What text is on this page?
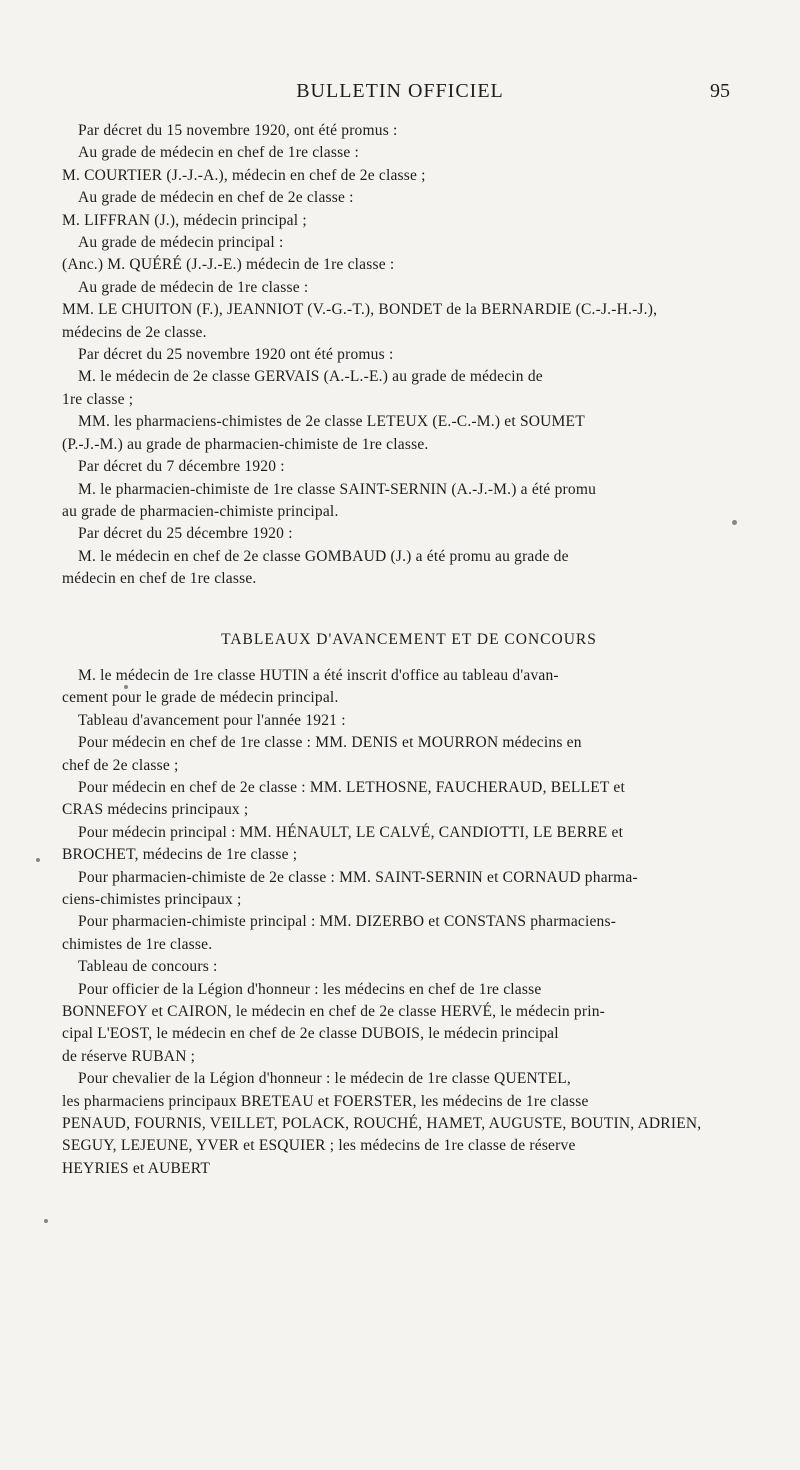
BULLETIN OFFICIEL	95
Par décret du 15 novembre 1920, ont été promus :
Au grade de médecin en chef de 1re classe :
M. COURTIER (J.-J.-A.), médecin en chef de 2e classe ;
Au grade de médecin en chef de 2e classe :
M. LIFFRAN (J.), médecin principal ;
Au grade de médecin principal :
(Anc.) M. QUÉRÉ (J.-J.-E.) médecin de 1re classe :
Au grade de médecin de 1re classe :
MM. LE CHUITON (F.), JEANNIOT (V.-G.-T.), BONDET de la BERNARDIE (C.-J.-H.-J.),
médecins de 2e classe.
Par décret du 25 novembre 1920 ont été promus :
M. le médecin de 2e classe GERVAIS (A.-L.-E.) au grade de médecin de
1re classe ;
MM. les pharmaciens-chimistes de 2e classe LETEUX (E.-C.-M.) et SOUMET
(P.-J.-M.) au grade de pharmacien-chimiste de 1re classe.
Par décret du 7 décembre 1920 :
M. le pharmacien-chimiste de 1re classe SAINT-SERNIN (A.-J.-M.) a été promu
au grade de pharmacien-chimiste principal.
Par décret du 25 décembre 1920 :
M. le médecin en chef de 2e classe GOMBAUD (J.) a été promu au grade de
médecin en chef de 1re classe.
TABLEAUX D'AVANCEMENT ET DE CONCOURS
M. le médecin de 1re classe HUTIN a été inscrit d'office au tableau d'avan-
cement pour le grade de médecin principal.
Tableau d'avancement pour l'année 1921 :
Pour médecin en chef de 1re classe : MM. DENIS et MOURRON médecins en
chef de 2e classe ;
Pour médecin en chef de 2e classe : MM. LETHOSNE, FAUCHERAUD, BELLET et
CRAS médecins principaux ;
Pour médecin principal : MM. HÉNAULT, LE CALVÉ, CANDIOTTI, LE BERRE et
BROCHET, médecins de 1re classe ;
Pour pharmacien-chimiste de 2e classe : MM. SAINT-SERNIN et CORNAUD pharma-
ciens-chimistes principaux ;
Pour pharmacien-chimiste principal : MM. DIZERBO et CONSTANS pharmaciens-
chimistes de 1re classe.
Tableau de concours :
Pour officier de la Légion d'honneur : les médecins en chef de 1re classe
BONNEFOY et CAIRON, le médecin en chef de 2e classe HERVÉ, le médecin prin-
cipal L'EOST, le médecin en chef de 2e classe DUBOIS, le médecin principal
de réserve RUBAN ;
Pour chevalier de la Légion d'honneur : le médecin de 1re classe QUENTEL,
les pharmaciens principaux BRETEAU et FOERSTER, les médecins de 1re classe
PENAUD, FOURNIS, VEILLET, POLACK, ROUCHÉ, HAMET, AUGUSTE, BOUTIN, ADRIEN,
SEGUY, LEJEUNE, YVER et ESQUIER ; les médecins de 1re classe de réserve
HEYRIES et AUBERT
